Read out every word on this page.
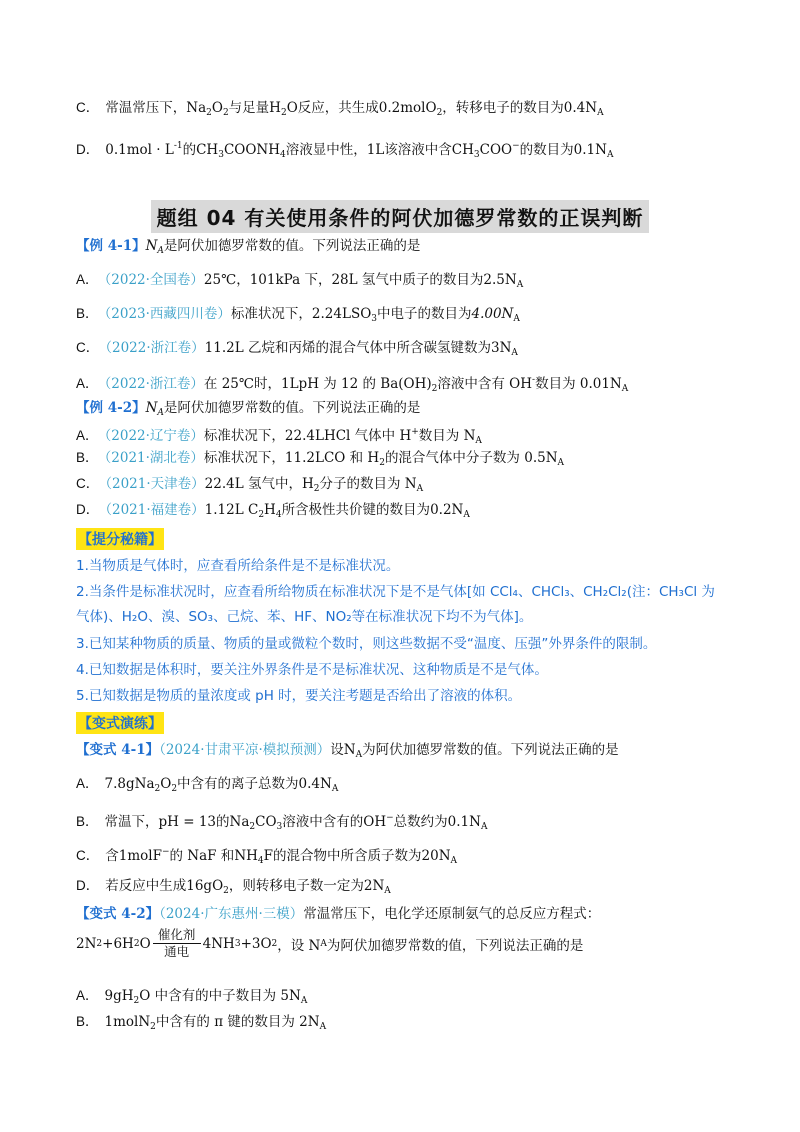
C． 常温常压下，$Na_2O_2$与足量$H_2O$反应，共生成0.2molO$_2$，转移电子的数目为$0.4N_A$
D． $0.1mol \cdot L^{-1}$的$CH_3COONH_4$溶液显中性，1L该溶液中含$CH_3COO^-$的数目为$0.1N_A$
题组 04 有关使用条件的阿伏加德罗常数的正误判断
【例 4-1】$N_A$是阿伏加德罗常数的值。下列说法正确的是
A． （2022·全国卷）25℃，101kPa 下，28L 氢气中质子的数目为$2.5N_A$
B． （2023·西藏四川卷）标准状况下，$2.24LSO_3$中电子的数目为$4.00N_A$
C． （2022·浙江卷）11.2L 乙烷和丙烯的混合气体中所含碳氢键数为$3N_A$
A． （2022·浙江卷）在 25℃时，1LpH 为 12 的 $Ba(OH)_2$溶液中含有 OH-数目为 $0.01N_A$
【例 4-2】$N_A$是阿伏加德罗常数的值。下列说法正确的是
A． （2022·辽宁卷）标准状况下，22.4LHCl 气体中 H+数目为 $N_A$
B． （2021·湖北卷）标准状况下，11.2LCO 和 $H_2$的混合气体中分子数为 $0.5N_A$
C． （2021·天津卷）22.4L 氢气中，$H_2$分子的数目为 $N_A$
D． （2021·福建卷）1.12L $C_2H_4$所含极性共价键的数目为$0.2N_A$
【提分秘籍】
1.当物质是气体时，应查看所给条件是不是标准状况。
2.当条件是标准状况时，应查看所给物质在标准状况下是不是气体[如 CCl₄、CHCl₃、CH₂Cl₂(注：CH₃Cl 为
气体)、H₂O、溴、SO₃、己烷、苯、HF、NO₂等在标准状况下均不为气体]。
3.已知某种物质的质量、物质的量或微粒个数时，则这些数据不受“温度、压强”外界条件的限制。
4.已知数据是体积时，要关注外界条件是不是标准状况、这种物质是不是气体。
5.已知数据是物质的量浓度或 pH 时，要关注考题是否给出了溶液的体积。
【变式演练】
【变式 4-1】（2024·甘肃平凉·模拟预测）设$N_A$为阿伏加德罗常数的值。下列说法正确的是
A． $7.8gNa_2O_2$中含有的离子总数为$0.4N_A$
B． 常温下，pH = 13的$Na_2CO_3$溶液中含有的OH−总数约为$0.1N_A$
C． 含1molF−的 NaF 和$NH_4F$的混合物中所含质子数为$20N_A$
D． 若反应中生成$16gO_2$，则转移电子数一定为$2N_A$
【变式 4-2】（2024·广东惠州·三模）常温常压下，电化学还原制氨气的总反应方程式：
2N 2 +6H 2 O
催化剂
通电 4NH 3 +3O 2 ，设 N A 为阿伏加德罗常数的值，下列说法正确的是
A． $9gH_2O$ 中含有的中子数目为 $5N_A$
B． 1molN$_2$中含有的 π 键的数目为 $2N_A$
